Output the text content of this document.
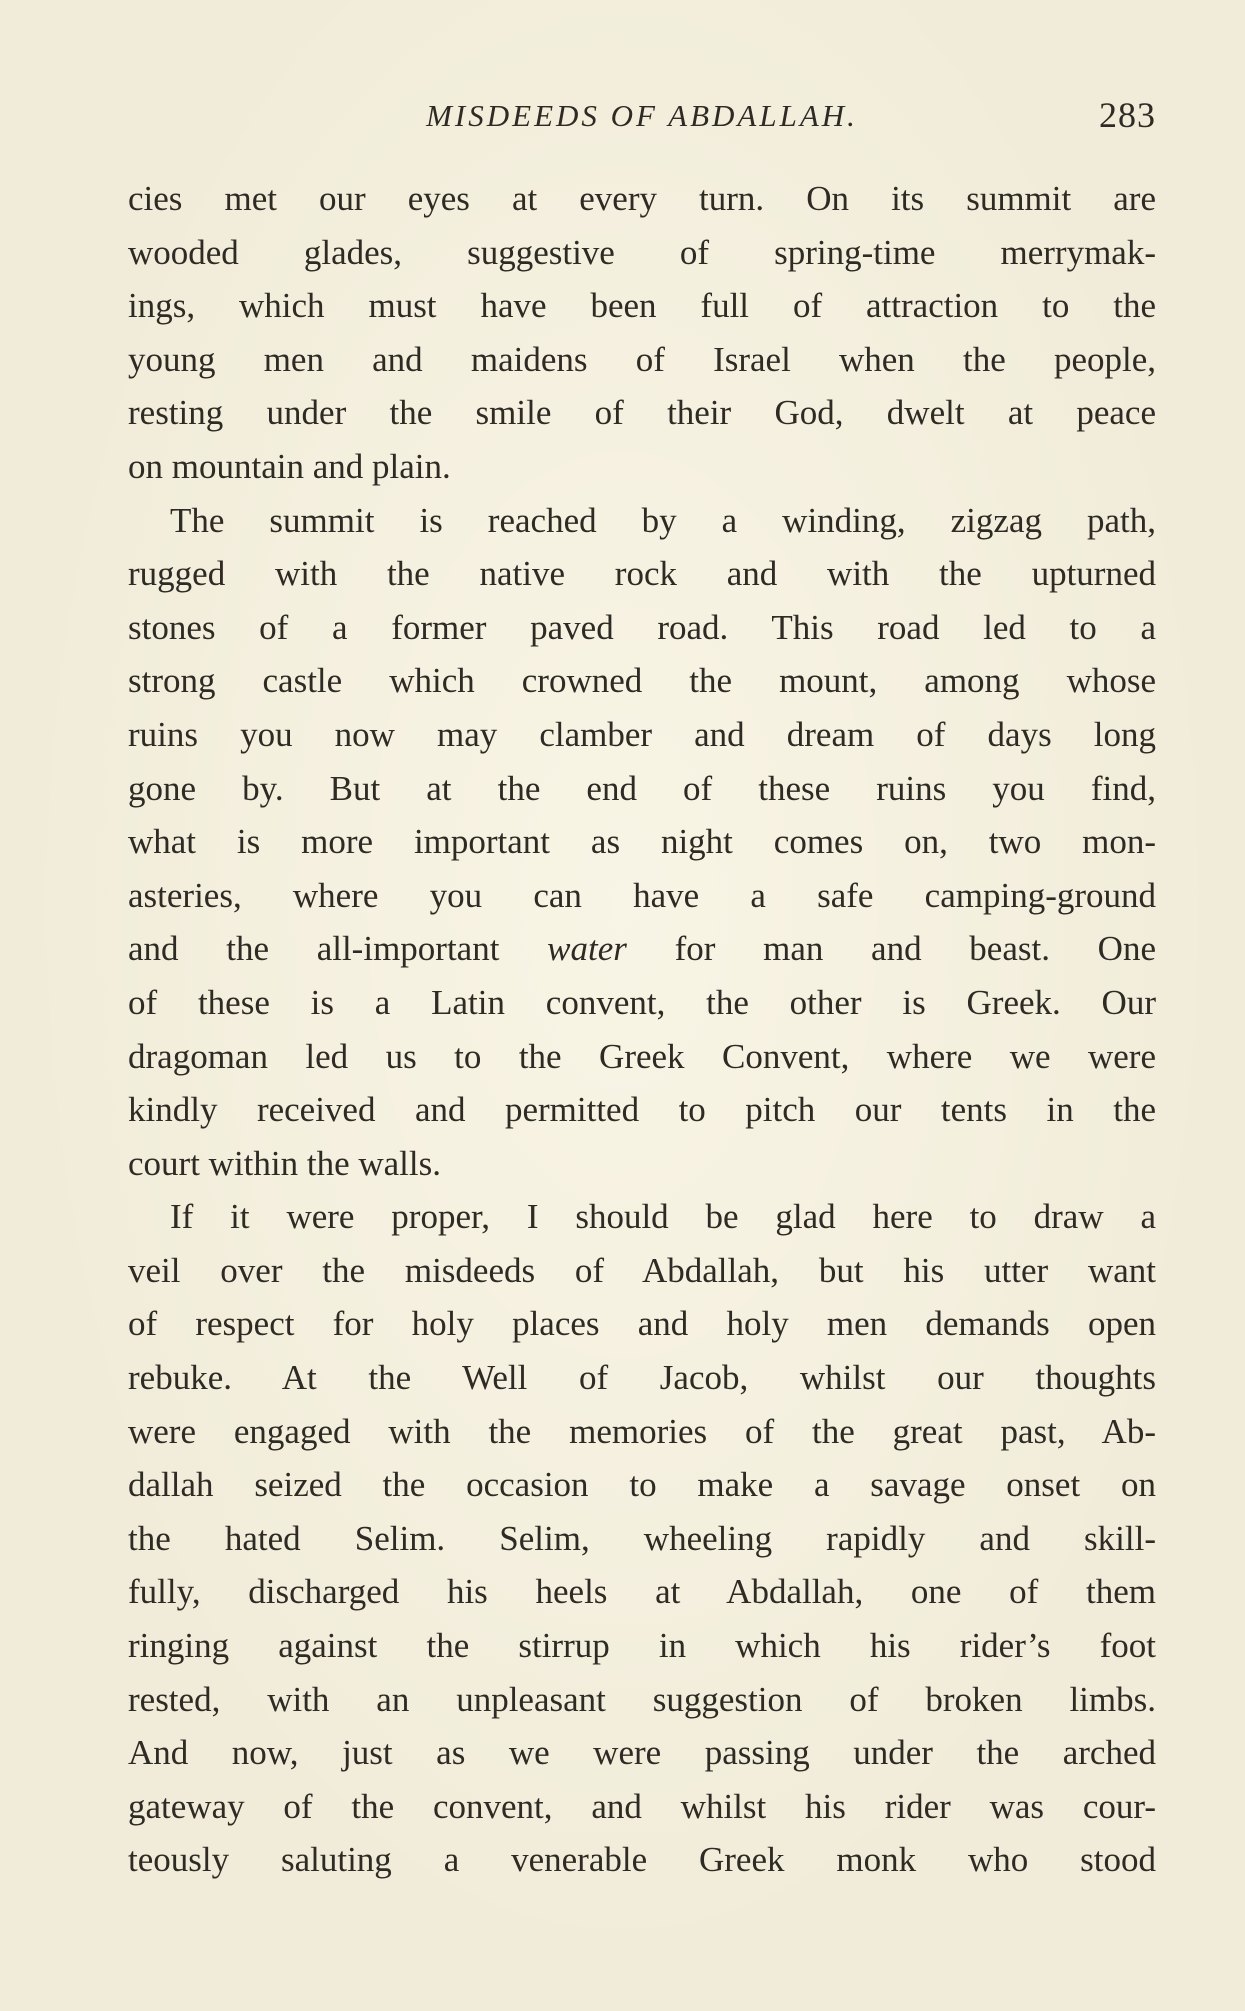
MISDEEDS OF ABDALLAH.	283
cies met our eyes at every turn. On its summit are
wooded glades, suggestive of spring-time merrymak-
ings, which must have been full of attraction to the
young men and maidens of Israel when the people,
resting under the smile of their God, dwelt at peace
on mountain and plain.
The summit is reached by a winding, zigzag path,
rugged with the native rock and with the upturned
stones of a former paved road. This road led to a
strong castle which crowned the mount, among whose
ruins you now may clamber and dream of days long
gone by. But at the end of these ruins you find,
what is more important as night comes on, two mon-
asteries, where you can have a safe camping-ground
and the all-important water for man and beast. One
of these is a Latin convent, the other is Greek. Our
dragoman led us to the Greek Convent, where we were
kindly received and permitted to pitch our tents in the
court within the walls.
If it were proper, I should be glad here to draw a
veil over the misdeeds of Abdallah, but his utter want
of respect for holy places and holy men demands open
rebuke. At the Well of Jacob, whilst our thoughts
were engaged with the memories of the great past, Ab-
dallah seized the occasion to make a savage onset on
the hated Selim. Selim, wheeling rapidly and skill-
fully, discharged his heels at Abdallah, one of them
ringing against the stirrup in which his rider’s foot
rested, with an unpleasant suggestion of broken limbs.
And now, just as we were passing under the arched
gateway of the convent, and whilst his rider was cour-
teously saluting a venerable Greek monk who stood
